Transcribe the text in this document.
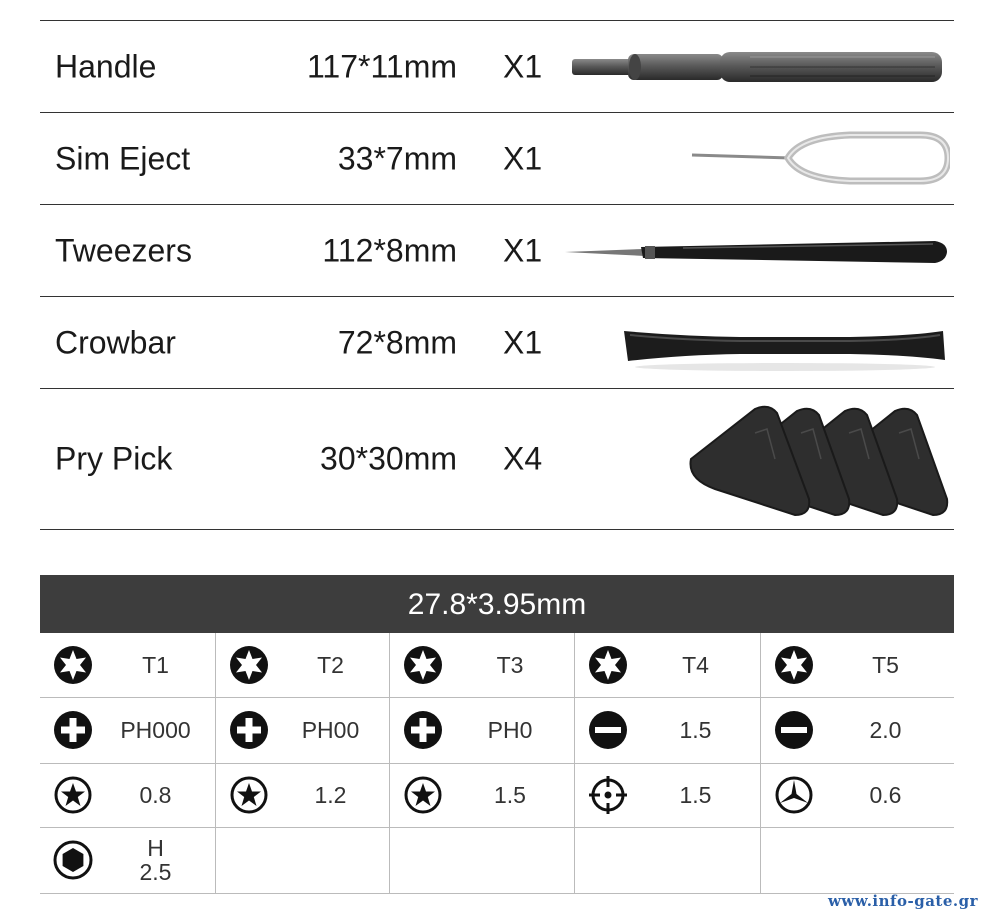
Handle	117*11mm X1
Sim Eject	33*7mm X1
Tweezers	112*8mm X1
Crowbar	72*8mm X1
Pry Pick	30*30mm X4
27.8*3.95mm
T1	T2	T3	T4	T5
PH000	PH00	PH0	1.5	2.0
0.8	1.2	1.5	1.5	0.6
H
2.5
www.info-gate.gr
